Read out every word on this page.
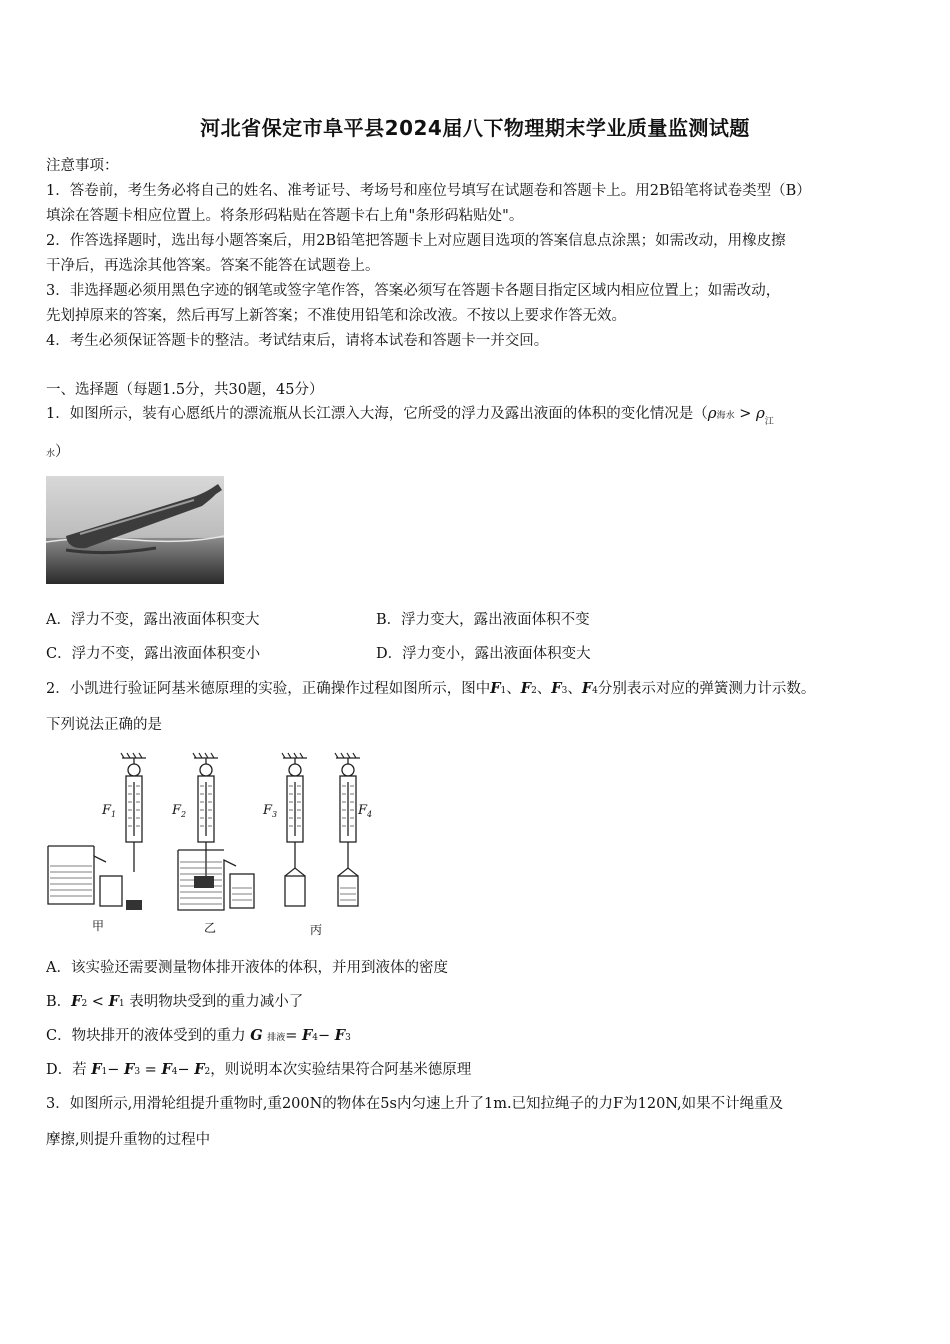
河北省保定市阜平县2024届八下物理期末学业质量监测试题
注意事项：
1．答卷前，考生务必将自己的姓名、准考证号、考场号和座位号填写在试题卷和答题卡上。用2B铅笔将试卷类型（B）
填涂在答题卡相应位置上。将条形码粘贴在答题卡右上角"条形码粘贴处"。
2．作答选择题时，选出每小题答案后，用2B铅笔把答题卡上对应题目选项的答案信息点涂黑；如需改动，用橡皮擦
干净后，再选涂其他答案。答案不能答在试题卷上。
3．非选择题必须用黑色字迹的钢笔或签字笔作答，答案必须写在答题卡各题目指定区域内相应位置上；如需改动，
先划掉原来的答案，然后再写上新答案；不准使用铅笔和涂改液。不按以上要求作答无效。
4．考生必须保证答题卡的整洁。考试结束后，请将本试卷和答题卡一并交回。
一、选择题（每题1.5分，共30题，45分）
1．如图所示，装有心愿纸片的漂流瓶从长江漂入大海，它所受的浮力及露出液面的体积的变化情况是（ρ海水 > $\rho_江$
水）
A．浮力不变，露出液面体积变大	B．浮力变大，露出液面体积不变
C．浮力不变，露出液面体积变小	D．浮力变小，露出液面体积变大
2．小凯进行验证阿基米德原理的实验，正确操作过程如图所示，图中F1、F2、F3、F4分别表示对应的弹簧测力计示数。
下列说法正确的是
$F_1$	$F_2$	$F_3$	$F_4$
甲	乙	丙
A．该实验还需要测量物体排开液体的体积，并用到液体的密度
B．F2 < F1 表明物块受到的重力减小了
C．物块排开的液体受到的重力 G 排液= F4− F3
D．若 F1− F3 = F4− F2，则说明本次实验结果符合阿基米德原理
3．如图所示,用滑轮组提升重物时,重200N的物体在5s内匀速上升了1m.已知拉绳子的力F为120N,如果不计绳重及
摩擦,则提升重物的过程中
